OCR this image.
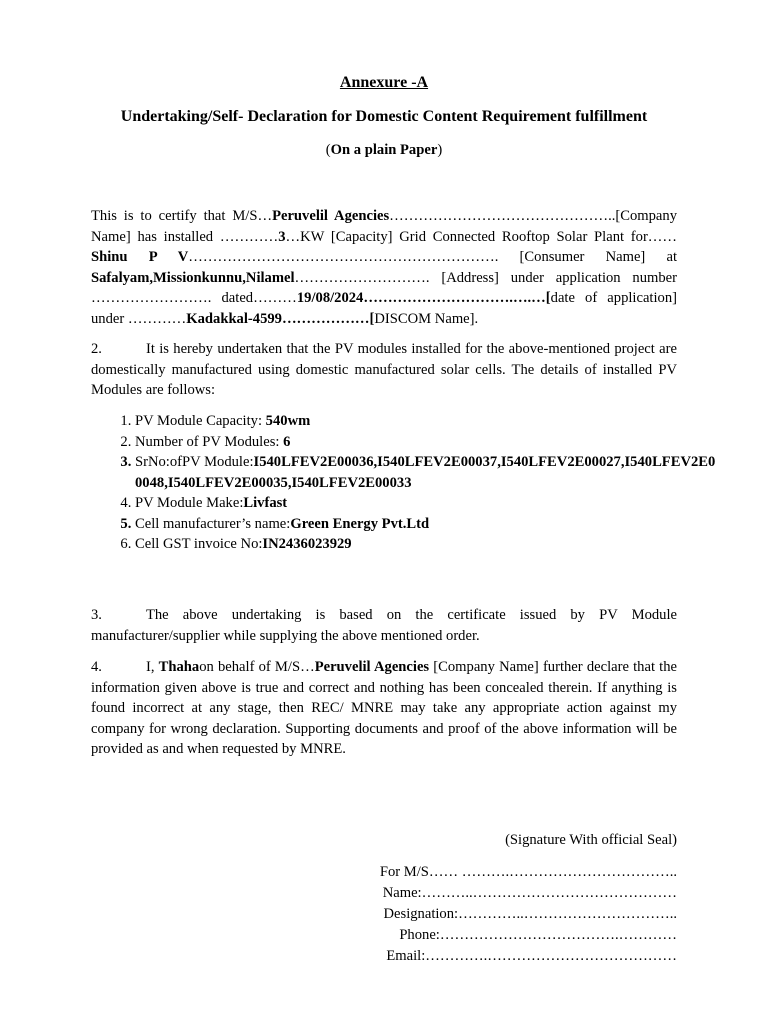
Annexure -A
Undertaking/Self- Declaration for Domestic Content Requirement fulfillment
(On a plain Paper)
This is to certify that M/S…Peruvelil Agencies………………………………………..[Company Name] has installed …………3…KW [Capacity] Grid Connected Rooftop Solar Plant for…… Shinu P V………………………………………………………. [Consumer Name] at Safalyam,Missionkunnu,Nilamel………………………. [Address] under application number ……………………. dated………19/08/2024………………………….….…[date of application] under …………Kadakkal-4599………………[DISCOM Name].
2.	It is hereby undertaken that the PV modules installed for the above-mentioned project are domestically manufactured using domestic manufactured solar cells. The details of installed PV Modules are follows:
1. PV Module Capacity: 540wm
2. Number of PV Modules: 6
3. SrNo:ofPV Module:I540LFEV2E00036,I540LFEV2E00037,I540LFEV2E00027,I540LFEV2E00048,I540LFEV2E00035,I540LFEV2E00033
4. PV Module Make:Livfast
5. Cell manufacturer’s name:Green Energy Pvt.Ltd
6. Cell GST invoice No:IN2436023929
3.	The above undertaking is based on the certificate issued by PV Module manufacturer/supplier while supplying the above mentioned order.
4.	I, Thahaon behalf of M/S…Peruvelil Agencies [Company Name] further declare that the information given above is true and correct and nothing has been concealed therein. If anything is found incorrect at any stage, then REC/ MNRE may take any appropriate action against my company for wrong declaration. Supporting documents and proof of the above information will be provided as and when requested by MNRE.
(Signature With official Seal)
For M/S…… ……….……………………………..
Name:………..……………………………………
Designation:…………..…………………………..
Phone:……………………………….…………
Email:………….…………………………………
